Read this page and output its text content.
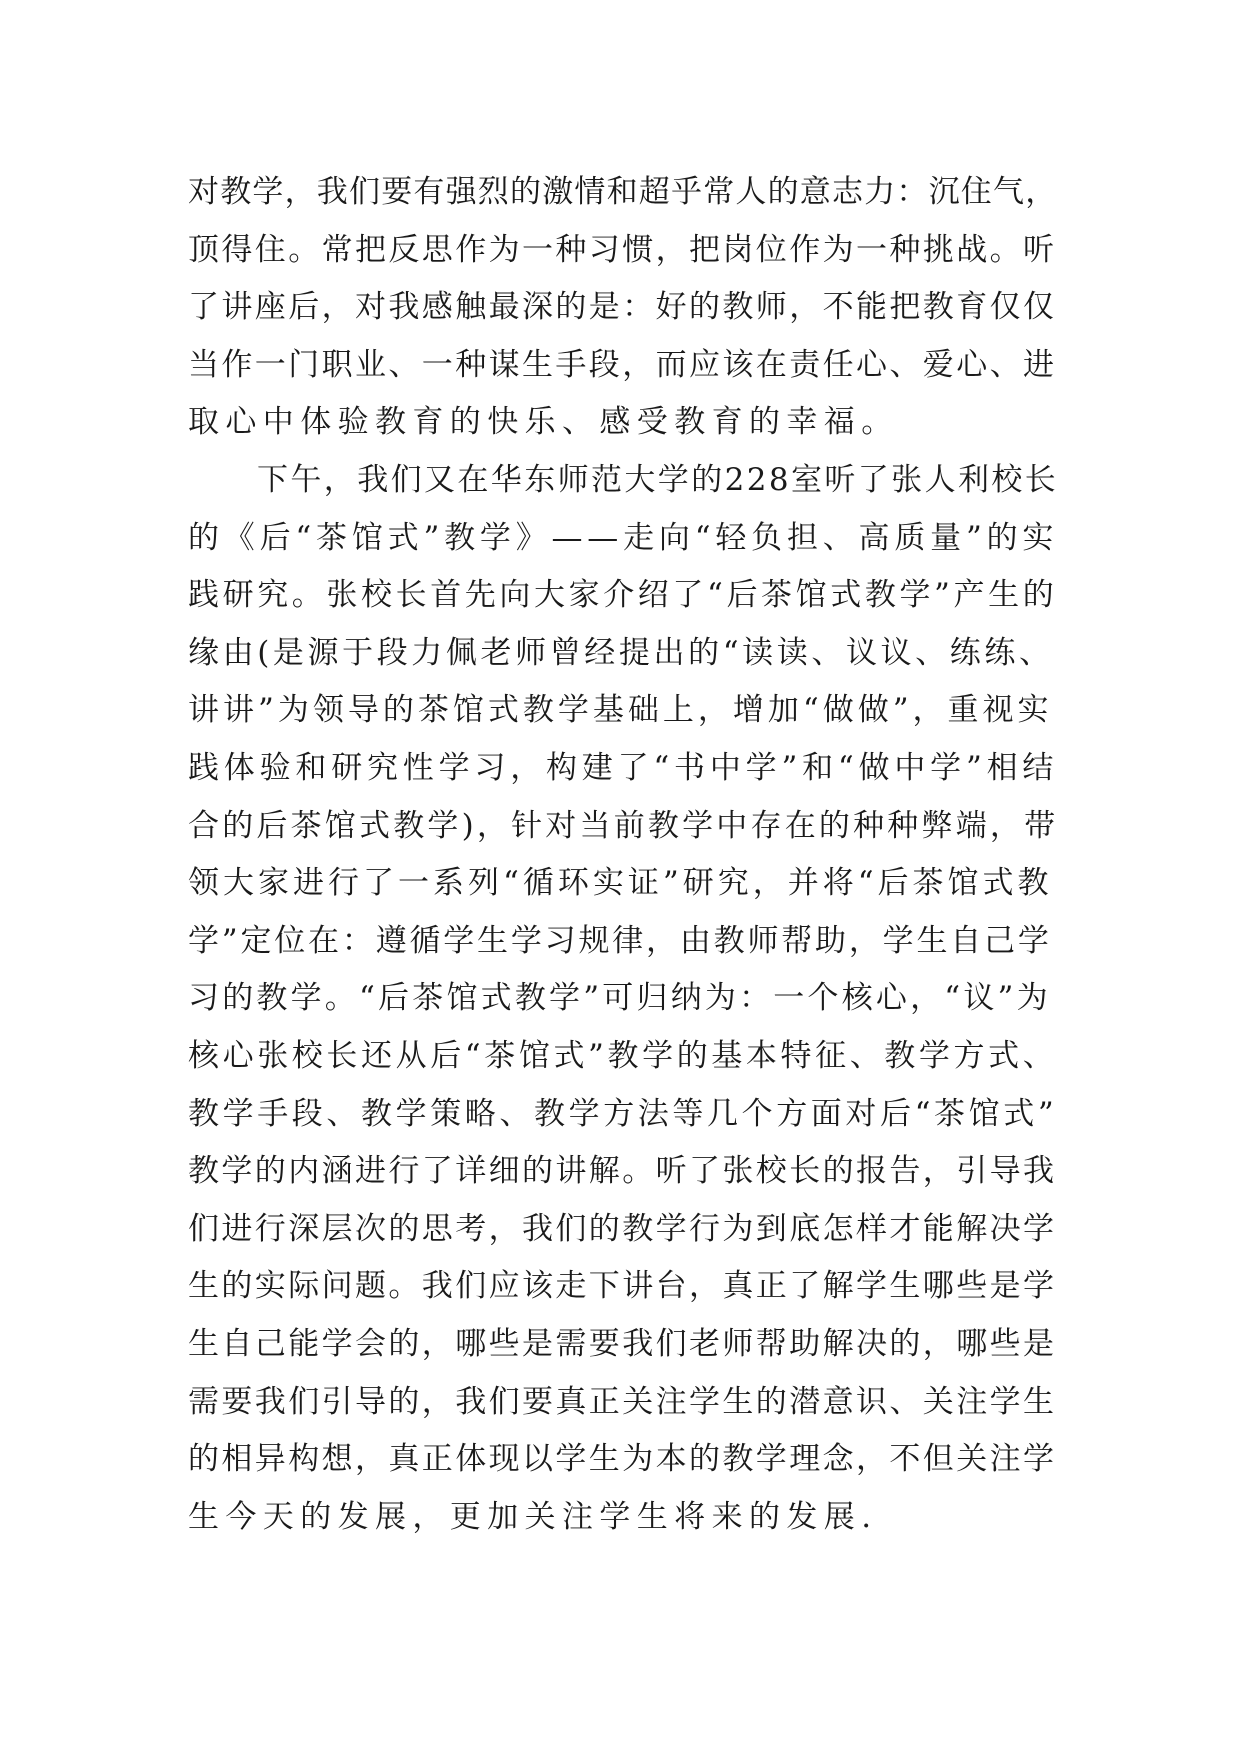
对教学，我们要有强烈的激情和超乎常人的意志力：沉住气，
顶得住。常把反思作为一种习惯，把岗位作为一种挑战。听
了讲座后，对我感触最深的是：好的教师，不能把教育仅仅
当作一门职业、一种谋生手段，而应该在责任心、爱心、进
取心中体验教育的快乐、感受教育的幸福。
下午，我们又在华东师范大学的228室听了张人利校长
的《后“茶馆式”教学》——走向“轻负担、高质量”的实
践研究。张校长首先向大家介绍了“后茶馆式教学”产生的
缘由(是源于段力佩老师曾经提出的“读读、议议、练练、
讲讲”为领导的茶馆式教学基础上，增加“做做”，重视实
践体验和研究性学习，构建了“书中学”和“做中学”相结
合的后茶馆式教学)，针对当前教学中存在的种种弊端，带
领大家进行了一系列“循环实证”研究，并将“后茶馆式教
学”定位在：遵循学生学习规律，由教师帮助，学生自己学
习的教学。“后茶馆式教学”可归纳为：一个核心，“议”为
核心张校长还从后“茶馆式”教学的基本特征、教学方式、
教学手段、教学策略、教学方法等几个方面对后“茶馆式”
教学的内涵进行了详细的讲解。听了张校长的报告，引导我
们进行深层次的思考，我们的教学行为到底怎样才能解决学
生的实际问题。我们应该走下讲台，真正了解学生哪些是学
生自己能学会的，哪些是需要我们老师帮助解决的，哪些是
需要我们引导的，我们要真正关注学生的潜意识、关注学生
的相异构想，真正体现以学生为本的教学理念，不但关注学
生今天的发展，更加关注学生将来的发展.
